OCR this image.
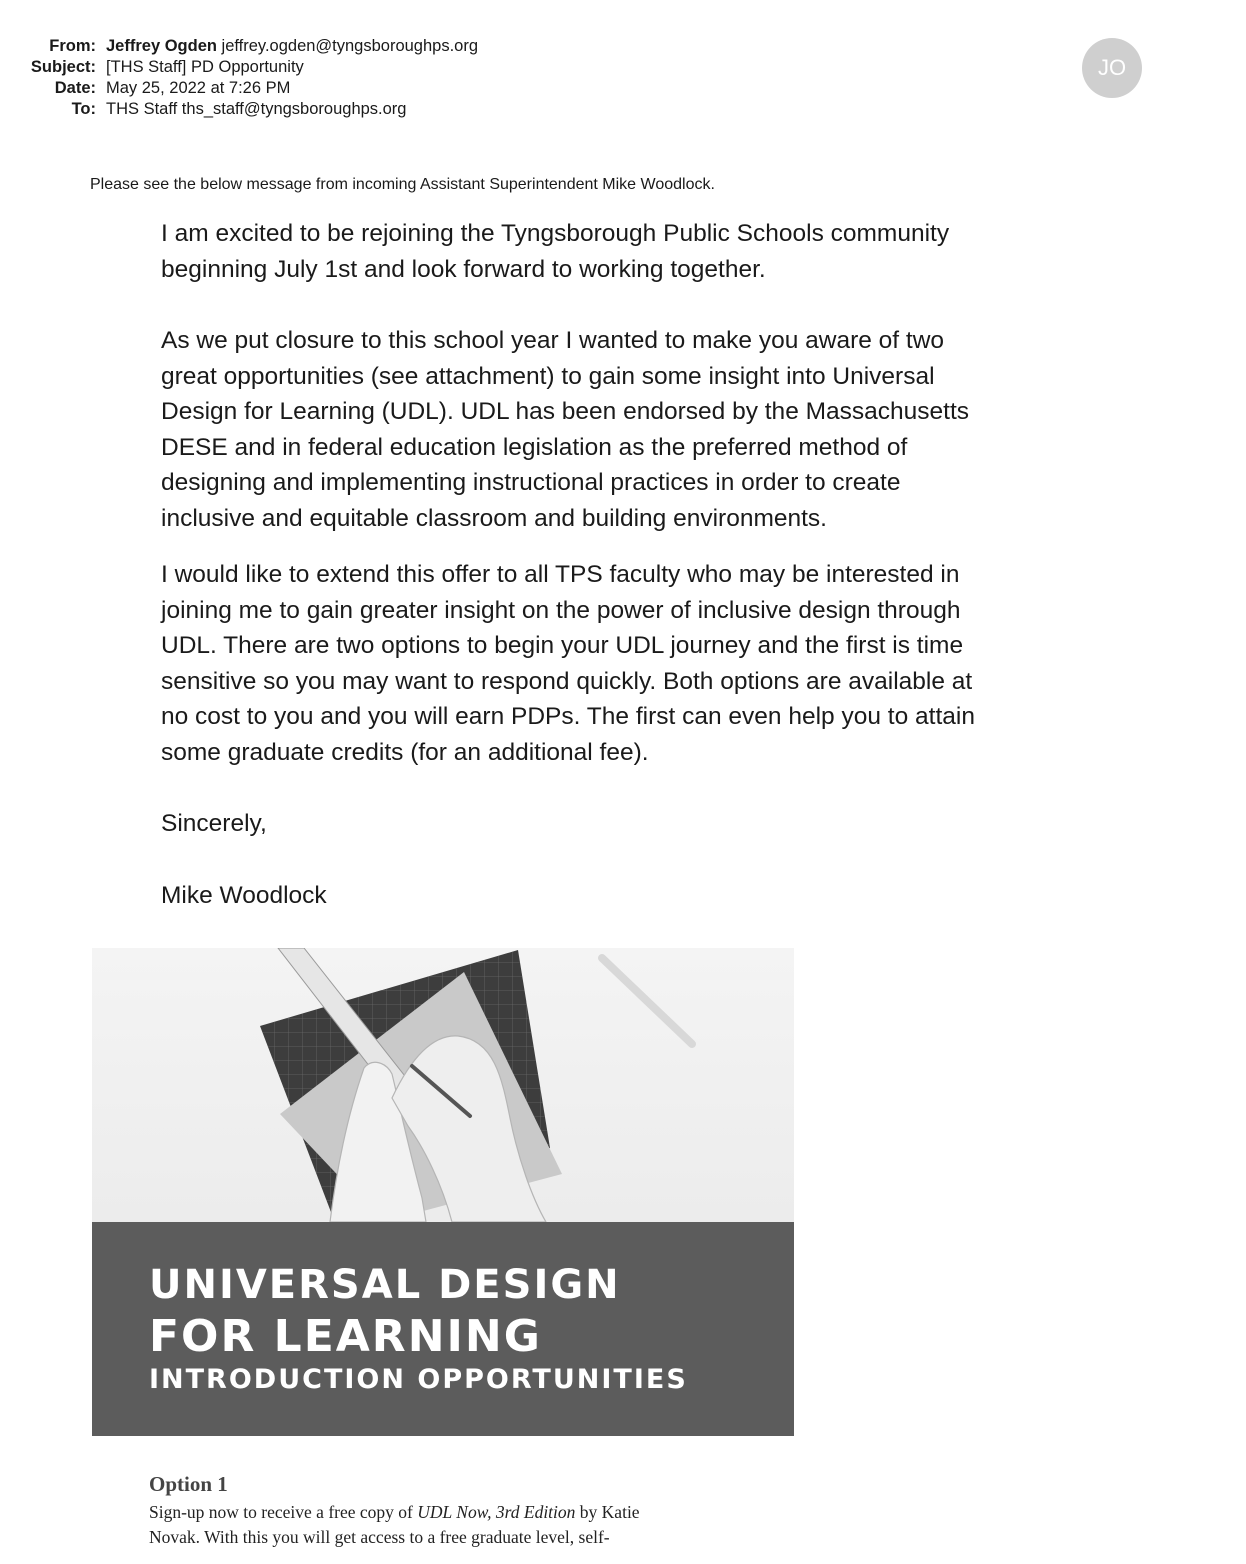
From: Jeffrey Ogden jeffrey.ogden@tyngsboroughps.org
Subject: [THS Staff] PD Opportunity
Date: May 25, 2022 at 7:26 PM
To: THS Staff ths_staff@tyngsboroughps.org
JO
Please see the below message from incoming Assistant Superintendent Mike Woodlock.

I am excited to be rejoining the Tyngsborough Public Schools community
beginning July 1st and look forward to working together.

As we put closure to this school year I wanted to make you aware of two
great opportunities (see attachment) to gain some insight into Universal
Design for Learning (UDL). UDL has been endorsed by the Massachusetts
DESE and in federal education legislation as the preferred method of
designing and implementing instructional practices in order to create
inclusive and equitable classroom and building environments.

I would like to extend this offer to all TPS faculty who may be interested in
joining me to gain greater insight on the power of inclusive design through
UDL. There are two options to begin your UDL journey and the first is time
sensitive so you may want to respond quickly. Both options are available at
no cost to you and you will earn PDPs. The first can even help you to attain
some graduate credits (for an additional fee).

Sincerely,

Mike Woodlock

UNIVERSAL DESIGN
FOR LEARNING
INTRODUCTION OPPORTUNITIES
Option 1
Sign-up now to receive a free copy of UDL Now, 3rd Edition by Katie
Novak. With this you will get access to a free graduate level, self-
